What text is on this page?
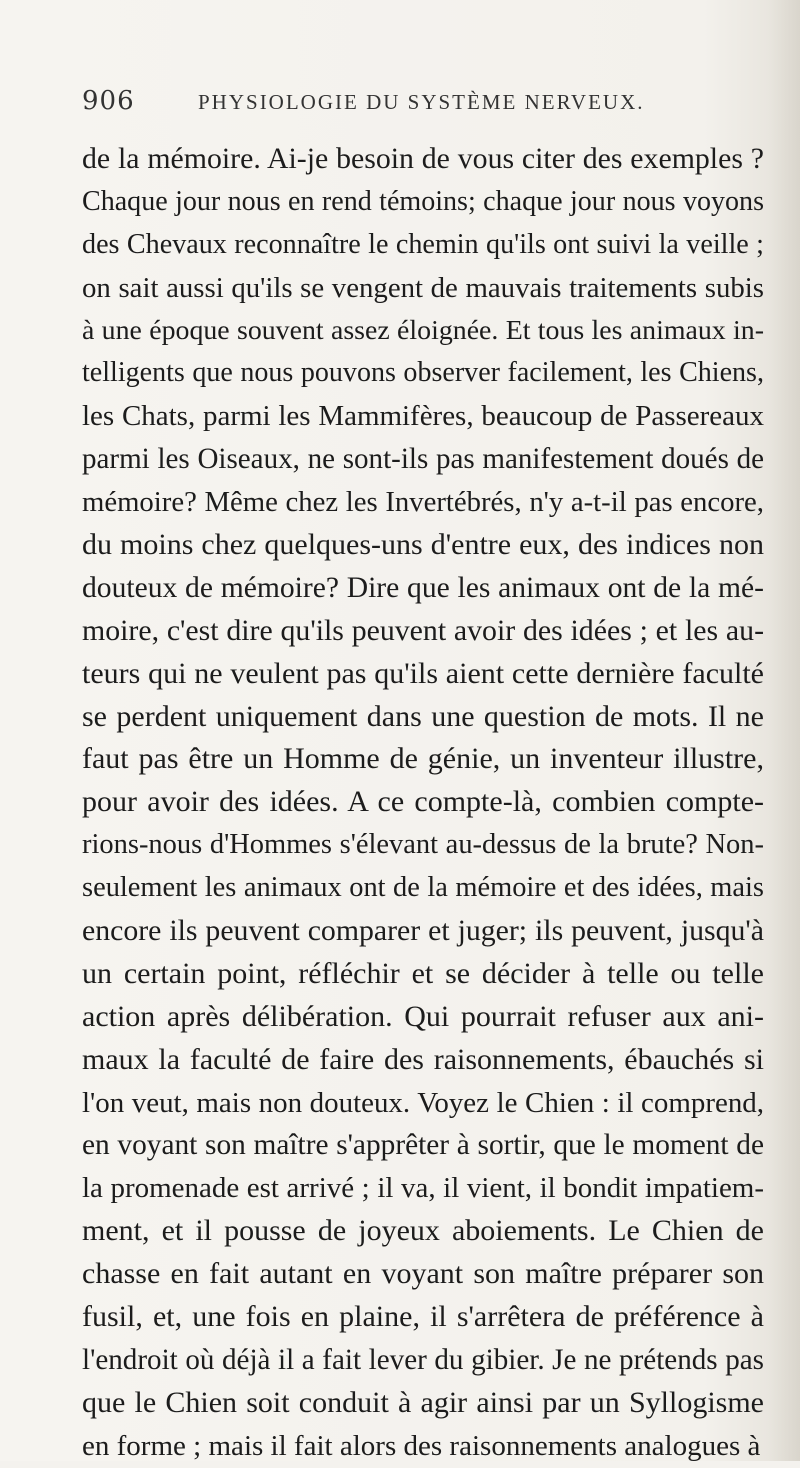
906	PHYSIOLOGIE DU SYSTÈME NERVEUX.
de la mémoire. Ai-je besoin de vous citer des exemples ?
Chaque jour nous en rend témoins; chaque jour nous voyons
des Chevaux reconnaître le chemin qu'ils ont suivi la veille ;
on sait aussi qu'ils se vengent de mauvais traitements subis
à une époque souvent assez éloignée. Et tous les animaux in-
telligents que nous pouvons observer facilement, les Chiens,
les Chats, parmi les Mammifères, beaucoup de Passereaux
parmi les Oiseaux, ne sont-ils pas manifestement doués de
mémoire? Même chez les Invertébrés, n'y a-t-il pas encore,
du moins chez quelques-uns d'entre eux, des indices non
douteux de mémoire? Dire que les animaux ont de la mé-
moire, c'est dire qu'ils peuvent avoir des idées ; et les au-
teurs qui ne veulent pas qu'ils aient cette dernière faculté
se perdent uniquement dans une question de mots. Il ne
faut pas être un Homme de génie, un inventeur illustre,
pour avoir des idées. A ce compte-là, combien compte-
rions-nous d'Hommes s'élevant au-dessus de la brute? Non-
seulement les animaux ont de la mémoire et des idées, mais
encore ils peuvent comparer et juger; ils peuvent, jusqu'à
un certain point, réfléchir et se décider à telle ou telle
action après délibération. Qui pourrait refuser aux ani-
maux la faculté de faire des raisonnements, ébauchés si
l'on veut, mais non douteux. Voyez le Chien : il comprend,
en voyant son maître s'apprêter à sortir, que le moment de
la promenade est arrivé ; il va, il vient, il bondit impatiem-
ment, et il pousse de joyeux aboiements. Le Chien de
chasse en fait autant en voyant son maître préparer son
fusil, et, une fois en plaine, il s'arrêtera de préférence à
l'endroit où déjà il a fait lever du gibier. Je ne prétends pas
que le Chien soit conduit à agir ainsi par un Syllogisme
en forme ; mais il fait alors des raisonnements analogues à
